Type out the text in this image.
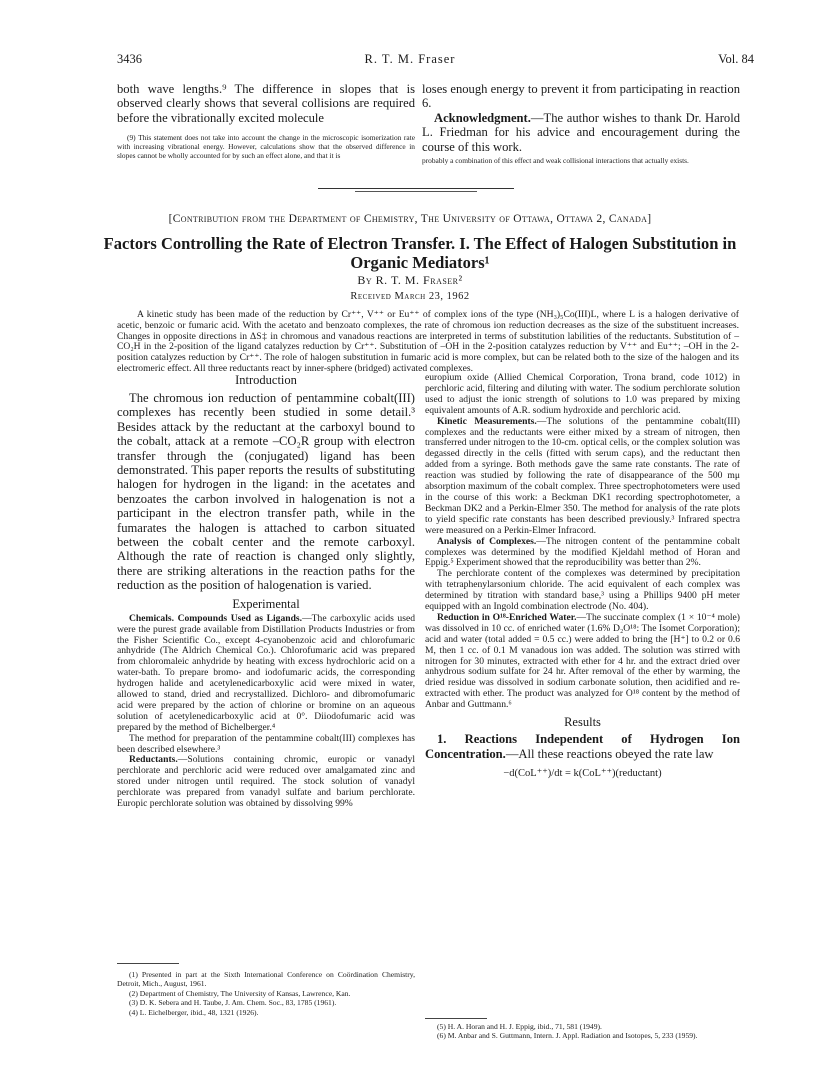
3436	R. T. M. Fraser	Vol. 84

both wave lengths.⁹ The difference in slopes that is observed clearly shows that several collisions are required before the vibrationally excited molecule

(9) This statement does not take into account the change in the microscopic isomerization rate with increasing vibrational energy. However, calculations show that the observed difference in slopes cannot be wholly accounted for by such an effect alone, and that it is

loses enough energy to prevent it from participating in reaction 6.

Acknowledgment.—The author wishes to thank Dr. Harold L. Friedman for his advice and encouragement during the course of this work.

probably a combination of this effect and weak collisional interactions that actually exists.

[Contribution from the Department of Chemistry, The University of Ottawa, Ottawa 2, Canada]
Factors Controlling the Rate of Electron Transfer. I. The Effect of Halogen Substitution in Organic Mediators¹
By R. T. M. Fraser²
Received March 23, 1962
A kinetic study has been made of the reduction by Cr⁺⁺, V⁺⁺ or Eu⁺⁺ of complex ions of the type (NH₃)₅Co(III)L, where L is a halogen derivative of acetic, benzoic or fumaric acid. With the acetato and benzoato complexes, the rate of chromous ion reduction decreases as the size of the substituent increases. Changes in opposite directions in ΔS‡ in chromous and vanadous reactions are interpreted in terms of substitution labilities of the reductants. Substitution of –CO₂H in the 2-position of the ligand catalyzes reduction by Cr⁺⁺. Substitution of –OH in the 2-position catalyzes reduction by V⁺⁺ and Eu⁺⁺; –OH in the 2-position catalyzes reduction by Cr⁺⁺. The role of halogen substitution in fumaric acid is more complex, but can be related both to the size of the halogen and its electromeric effect. All three reductants react by inner-sphere (bridged) activated complexes.

Introduction

The chromous ion reduction of pentammine cobalt(III) complexes has recently been studied in some detail.³ Besides attack by the reductant at the carboxyl bound to the cobalt, attack at a remote –CO₂R group with electron transfer through the (conjugated) ligand has been demonstrated. This paper reports the results of substituting halogen for hydrogen in the ligand: in the acetates and benzoates the carbon involved in halogenation is not a participant in the electron transfer path, while in the fumarates the halogen is attached to carbon situated between the cobalt center and the remote carboxyl. Although the rate of reaction is changed only slightly, there are striking alterations in the reaction paths for the reduction as the position of halogenation is varied.

Experimental

Chemicals. Compounds Used as Ligands.—The carboxylic acids used were the purest grade available from Distillation Products Industries or from the Fisher Scientific Co., except 4-cyanobenzoic acid and chlorofumaric anhydride (The Aldrich Chemical Co.). Chlorofumaric acid was prepared from chloromaleic anhydride by heating with excess hydrochloric acid on a water-bath. To prepare bromo- and iodofumaric acids, the corresponding hydrogen halide and acetylenedicarboxylic acid were mixed in water, allowed to stand, dried and recrystallized. Dichloro- and dibromofumaric acid were prepared by the action of chlorine or bromine on an aqueous solution of acetylenedicarboxylic acid at 0°. Diiodofumaric acid was prepared by the method of Bichelberger.⁴

The method for preparation of the pentammine cobalt(III) complexes has been described elsewhere.³

Reductants.—Solutions containing chromic, europic or vanadyl perchlorate and perchloric acid were reduced over amalgamated zinc and stored under nitrogen until required. The stock solution of vanadyl perchlorate was prepared from vanadyl sulfate and barium perchlorate. Europic perchlorate solution was obtained by dissolving 99%

(1) Presented in part at the Sixth International Conference on Coördination Chemistry, Detroit, Mich., August, 1961.

(2) Department of Chemistry, The University of Kansas, Lawrence, Kan.

(3) D. K. Sebera and H. Taube, J. Am. Chem. Soc., 83, 1785 (1961).

(4) L. Eichelberger, ibid., 48, 1321 (1926).

europium oxide (Allied Chemical Corporation, Trona brand, code 1012) in perchloric acid, filtering and diluting with water. The sodium perchlorate solution used to adjust the ionic strength of solutions to 1.0 was prepared by mixing equivalent amounts of A.R. sodium hydroxide and perchloric acid.

Kinetic Measurements.—The solutions of the pentammine cobalt(III) complexes and the reductants were either mixed by a stream of nitrogen, then transferred under nitrogen to the 10-cm. optical cells, or the complex solution was degassed directly in the cells (fitted with serum caps), and the reductant then added from a syringe. Both methods gave the same rate constants. The rate of reaction was studied by following the rate of disappearance of the 500 mμ absorption maximum of the cobalt complex. Three spectrophotometers were used in the course of this work: a Beckman DK1 recording spectrophotometer, a Beckman DK2 and a Perkin-Elmer 350. The method for analysis of the rate plots to yield specific rate constants has been described previously.³ Infrared spectra were measured on a Perkin-Elmer Infracord.

Analysis of Complexes.—The nitrogen content of the pentammine cobalt complexes was determined by the modified Kjeldahl method of Horan and Eppig.⁵ Experiment showed that the reproducibility was better than 2%.

The perchlorate content of the complexes was determined by precipitation with tetraphenylarsonium chloride. The acid equivalent of each complex was determined by titration with standard base,³ using a Phillips 9400 pH meter equipped with an Ingold combination electrode (No. 404).

Reduction in O¹⁸-Enriched Water.—The succinate complex (1 × 10⁻⁴ mole) was dissolved in 10 cc. of enriched water (1.6% D₂O¹⁸: The Isomet Corporation); acid and water (total added = 0.5 cc.) were added to bring the [H⁺] to 0.2 or 0.6 M, then 1 cc. of 0.1 M vanadous ion was added. The solution was stirred with nitrogen for 30 minutes, extracted with ether for 4 hr. and the extract dried over anhydrous sodium sulfate for 24 hr. After removal of the ether by warming, the dried residue was dissolved in sodium carbonate solution, then acidified and re-extracted with ether. The product was analyzed for O¹⁸ content by the method of Anbar and Guttmann.⁶

Results

1. Reactions Independent of Hydrogen Ion Concentration.—All these reactions obeyed the rate law

−d(CoL⁺⁺)/dt = k(CoL⁺⁺)(reductant)

(5) H. A. Horan and H. J. Eppig, ibid., 71, 581 (1949).

(6) M. Anbar and S. Guttmann, Intern. J. Appl. Radiation and Isotopes, 5, 233 (1959).
